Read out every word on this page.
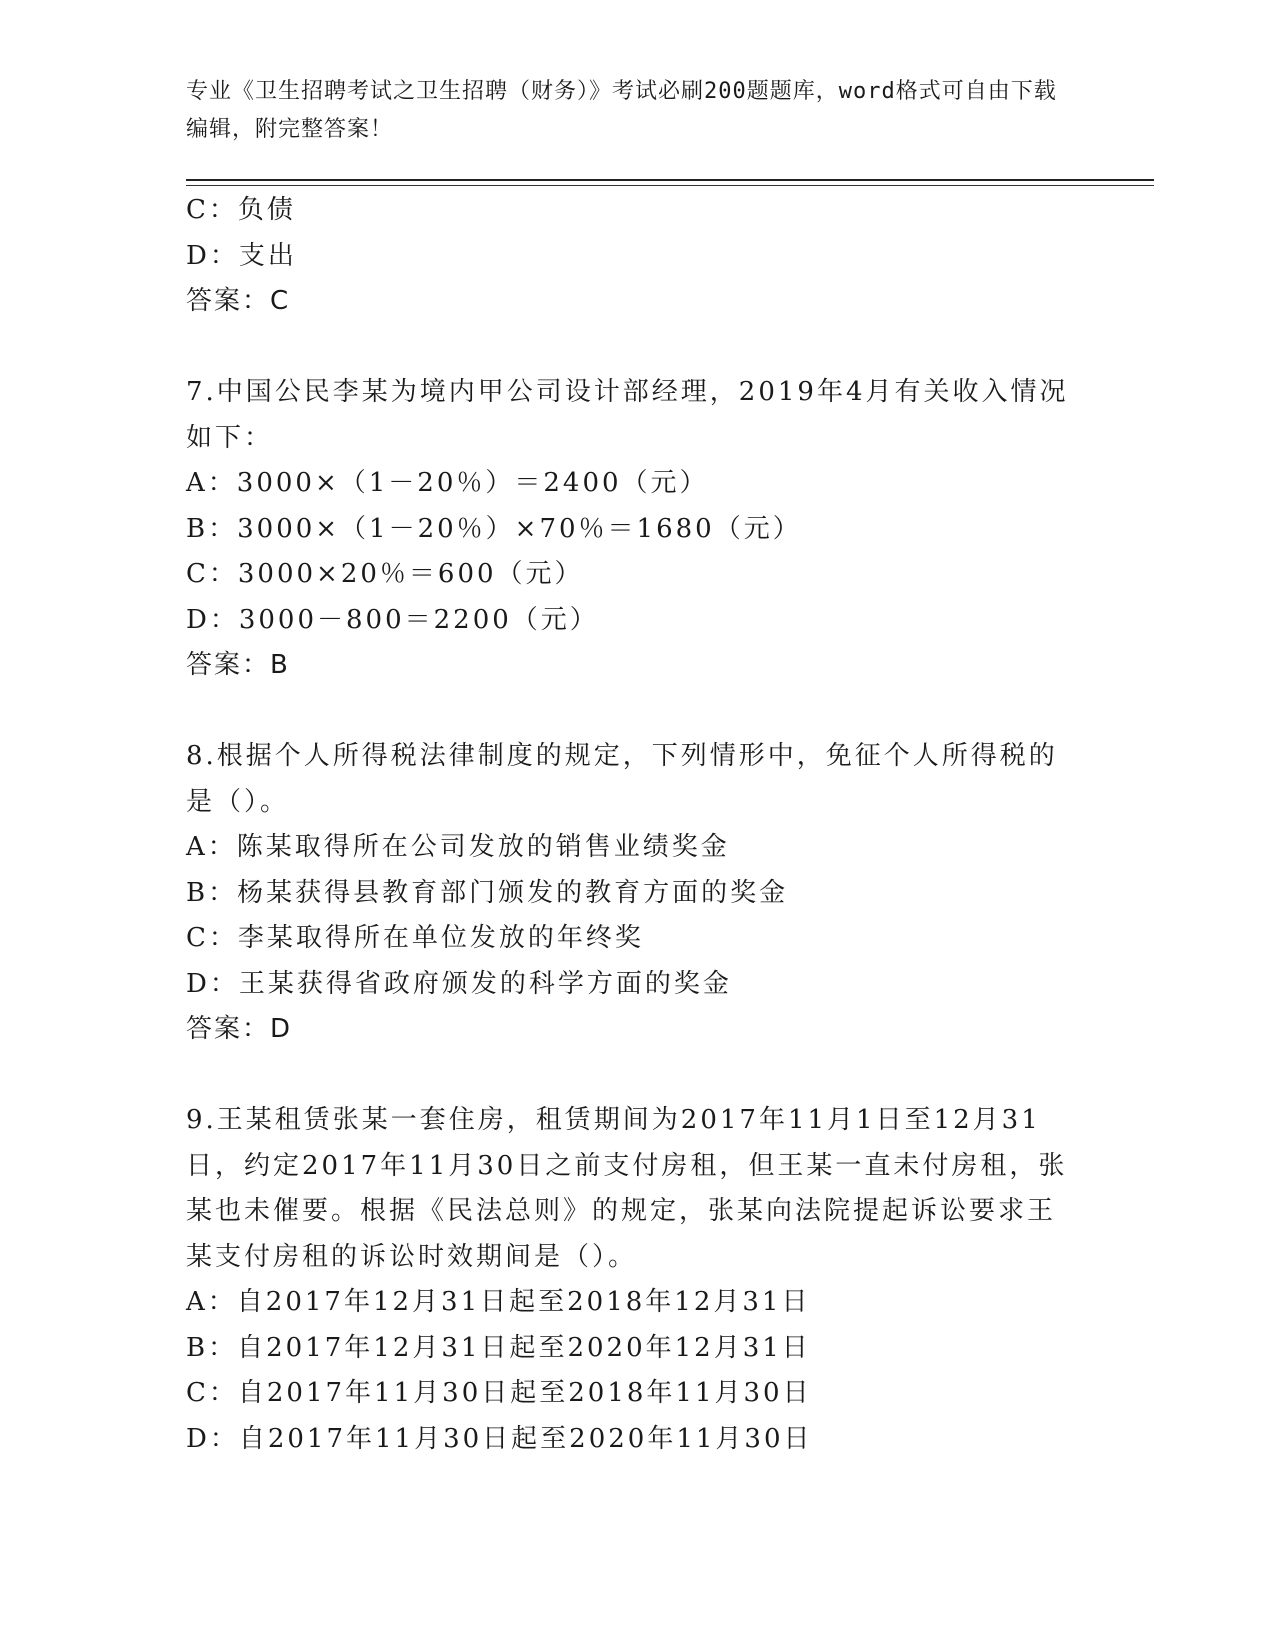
专业《卫生招聘考试之卫生招聘（财务）》考试必刷200题题库，word格式可自由下载编辑，附完整答案！
C：负债
D：支出
答案：C
7.中国公民李某为境内甲公司设计部经理，2019年4月有关收入情况
如下：
A：3000×（1－20％）＝2400（元）
B：3000×（1－20％）×70％＝1680（元）
C：3000×20％＝600（元）
D：3000－800＝2200（元）
答案：B
8.根据个人所得税法律制度的规定，下列情形中，免征个人所得税的
是（）。
A：陈某取得所在公司发放的销售业绩奖金
B：杨某获得县教育部门颁发的教育方面的奖金
C：李某取得所在单位发放的年终奖
D：王某获得省政府颁发的科学方面的奖金
答案：D
9.王某租赁张某一套住房，租赁期间为2017年11月1日至12月31
日，约定2017年11月30日之前支付房租，但王某一直未付房租，张
某也未催要。根据《民法总则》的规定，张某向法院提起诉讼要求王
某支付房租的诉讼时效期间是（）。
A：自2017年12月31日起至2018年12月31日
B：自2017年12月31日起至2020年12月31日
C：自2017年11月30日起至2018年11月30日
D：自2017年11月30日起至2020年11月30日
